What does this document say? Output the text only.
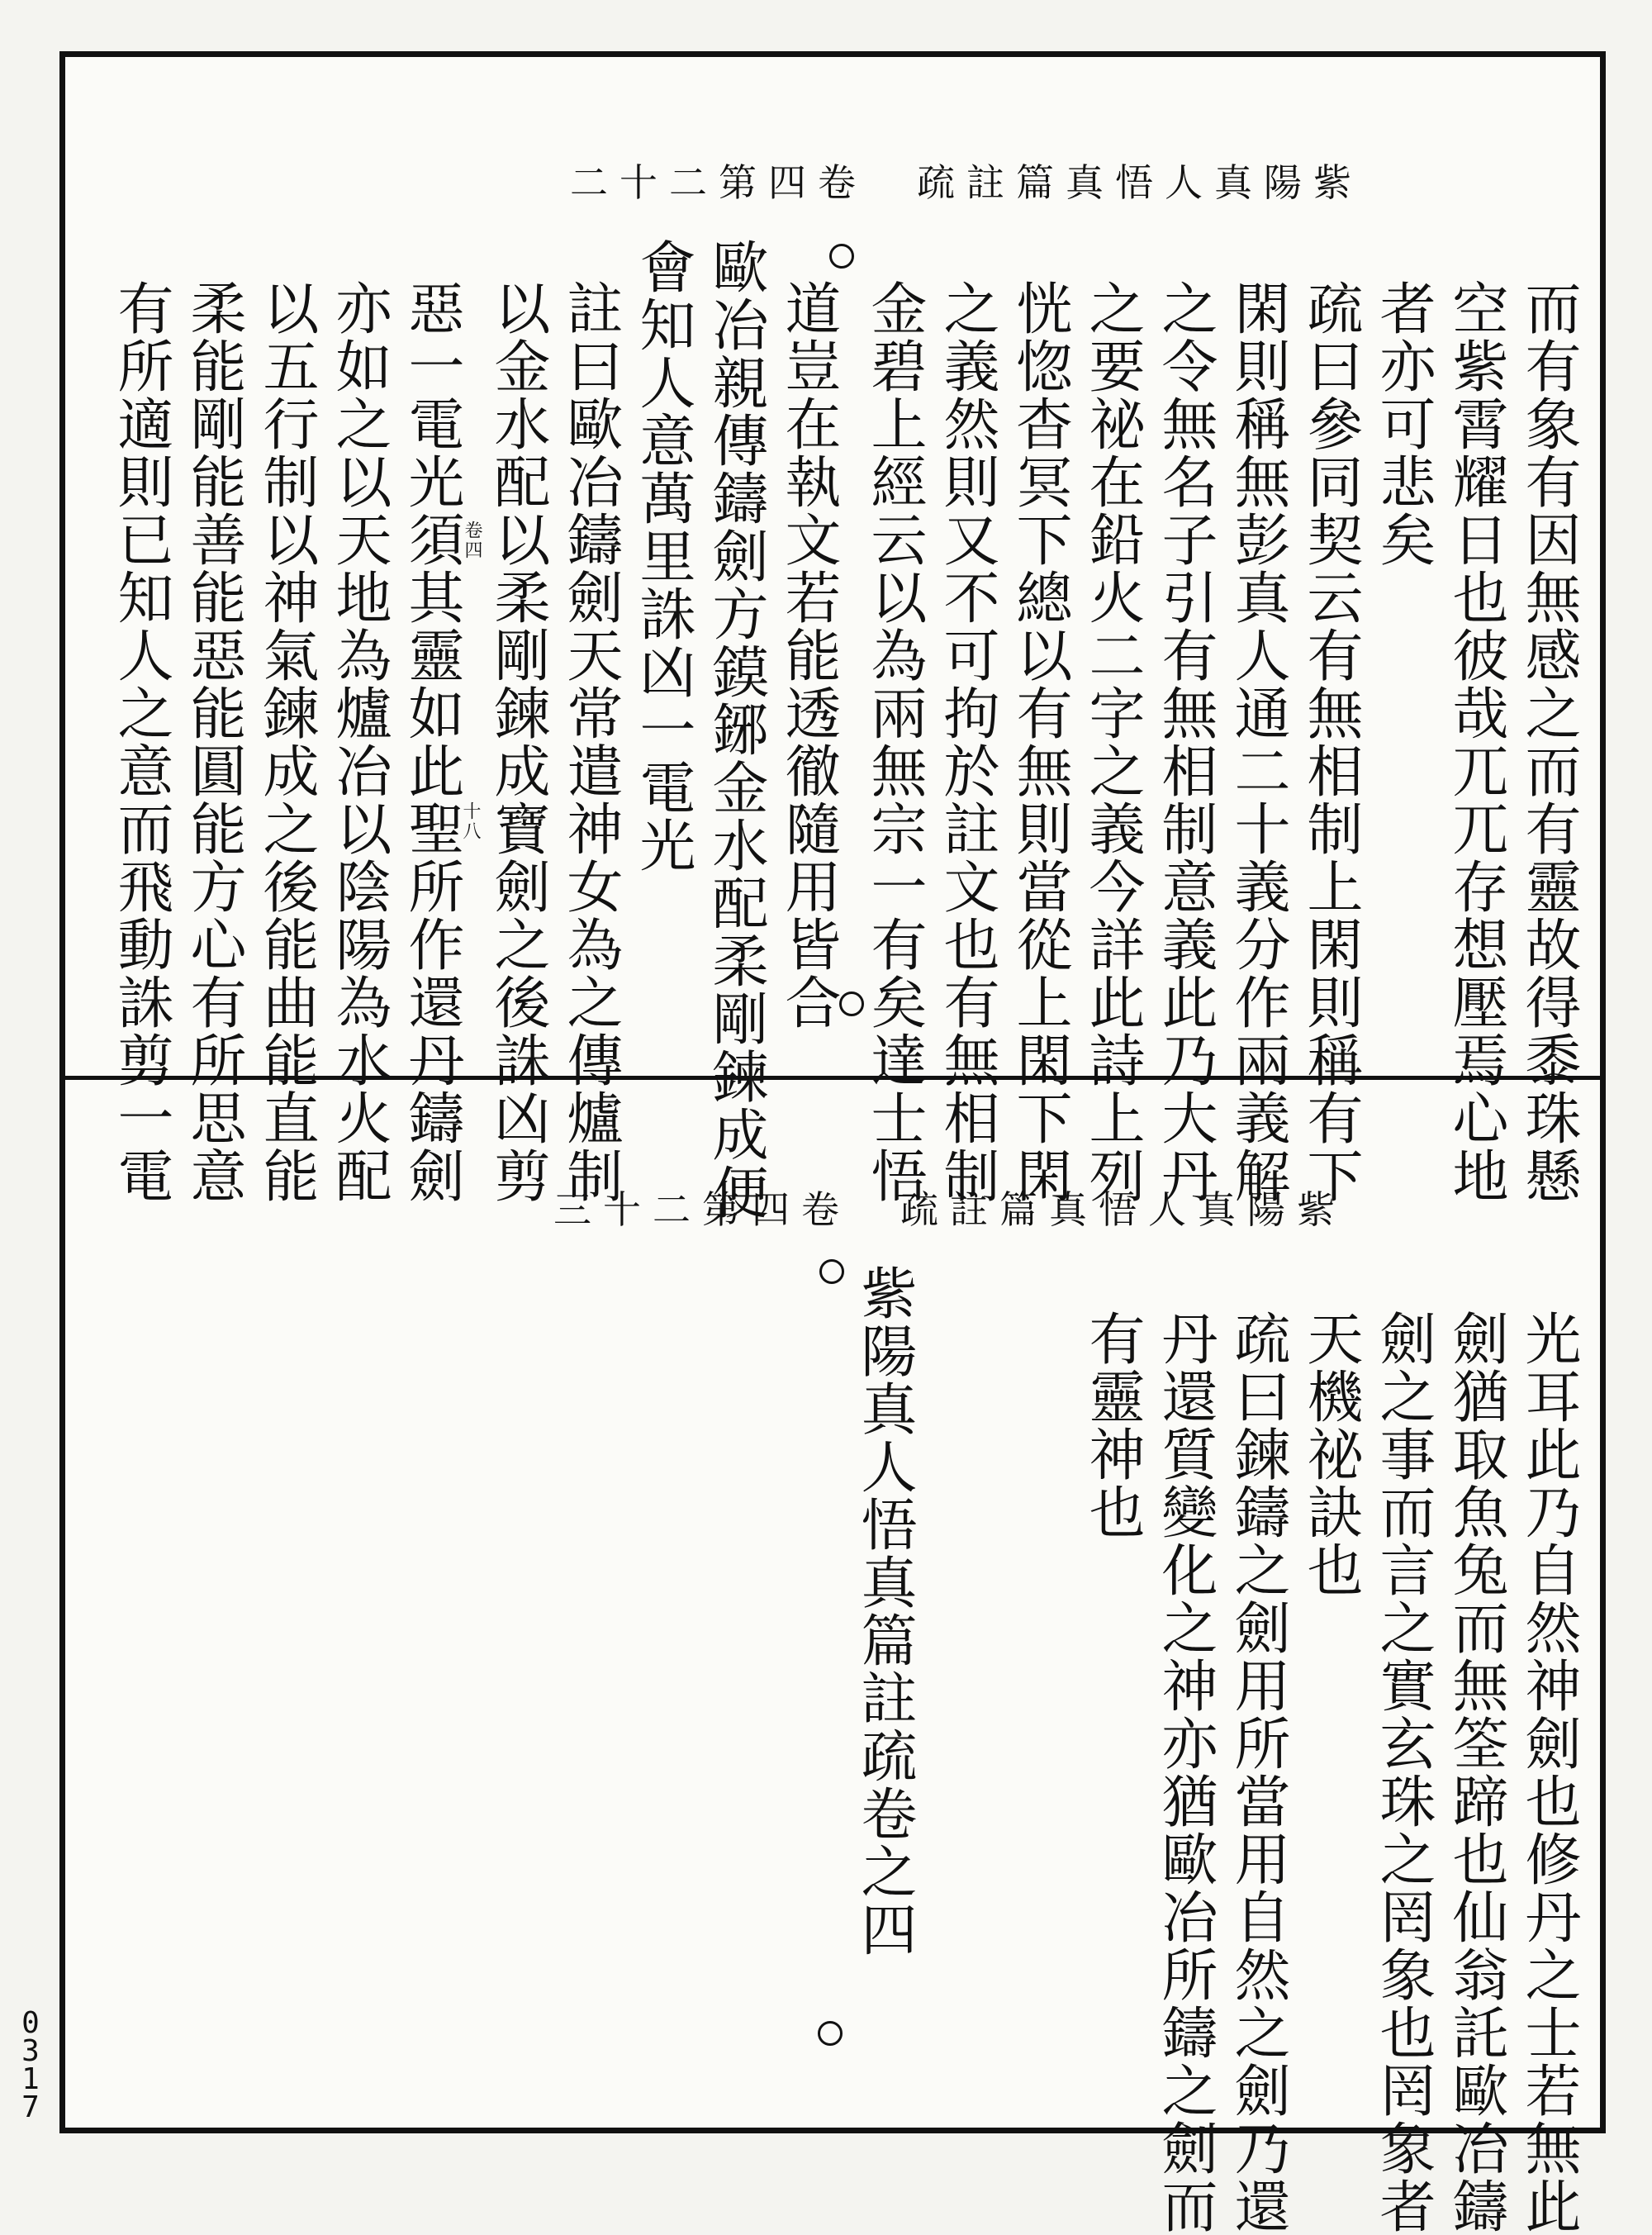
紫陽真人悟真篇註疏　卷四第二十二
而有象有因無感之而有靈故得黍珠懸
空紫霄耀日也彼哉兀兀存想壓焉心地
者亦可悲矣
疏曰參同契云有無相制上閑則稱有下
閑則稱無彭真人通二十義分作兩義解
之令無名子引有無相制意義此乃大丹
之要祕在鉛火二字之義今詳此詩上列
恍惚杳冥下總以有無則當從上閑下閑
之義然則又不可拘於註文也有無相制
金碧上經云以為兩無宗一有矣達士悟
道豈在執文若能透徹隨用皆合
歐冶親傳鑄劍方鏌鋣金水配柔剛鍊成便
會知人意萬里誅凶一電光
註曰歐冶鑄劍天常遣神女為之傳爐制
以金水配以柔剛鍊成寶劍之後誅凶剪
惡一電光須其靈如此聖所作還丹鑄劍
亦如之以天地為爐冶以陰陽為水火配
以五行制以神氣鍊成之後能曲能直能
柔能剛能善能惡能圓能方心有所思意
有所適則已知人之意而飛動誅剪一電	十八
卷四
紫陽真人悟真篇註疏　卷四第二十三
光耳此乃自然神劍也修丹之士若無此
劍猶取魚兔而無筌蹄也仙翁託歐冶鑄
劍之事而言之實玄珠之罔象也罔象者
天機祕訣也
疏曰鍊鑄之劍用所當用自然之劍乃還
丹還質變化之神亦猶歐冶所鑄之劍而
有靈神也
紫陽真人悟真篇註疏卷之四
0
3
1
7
